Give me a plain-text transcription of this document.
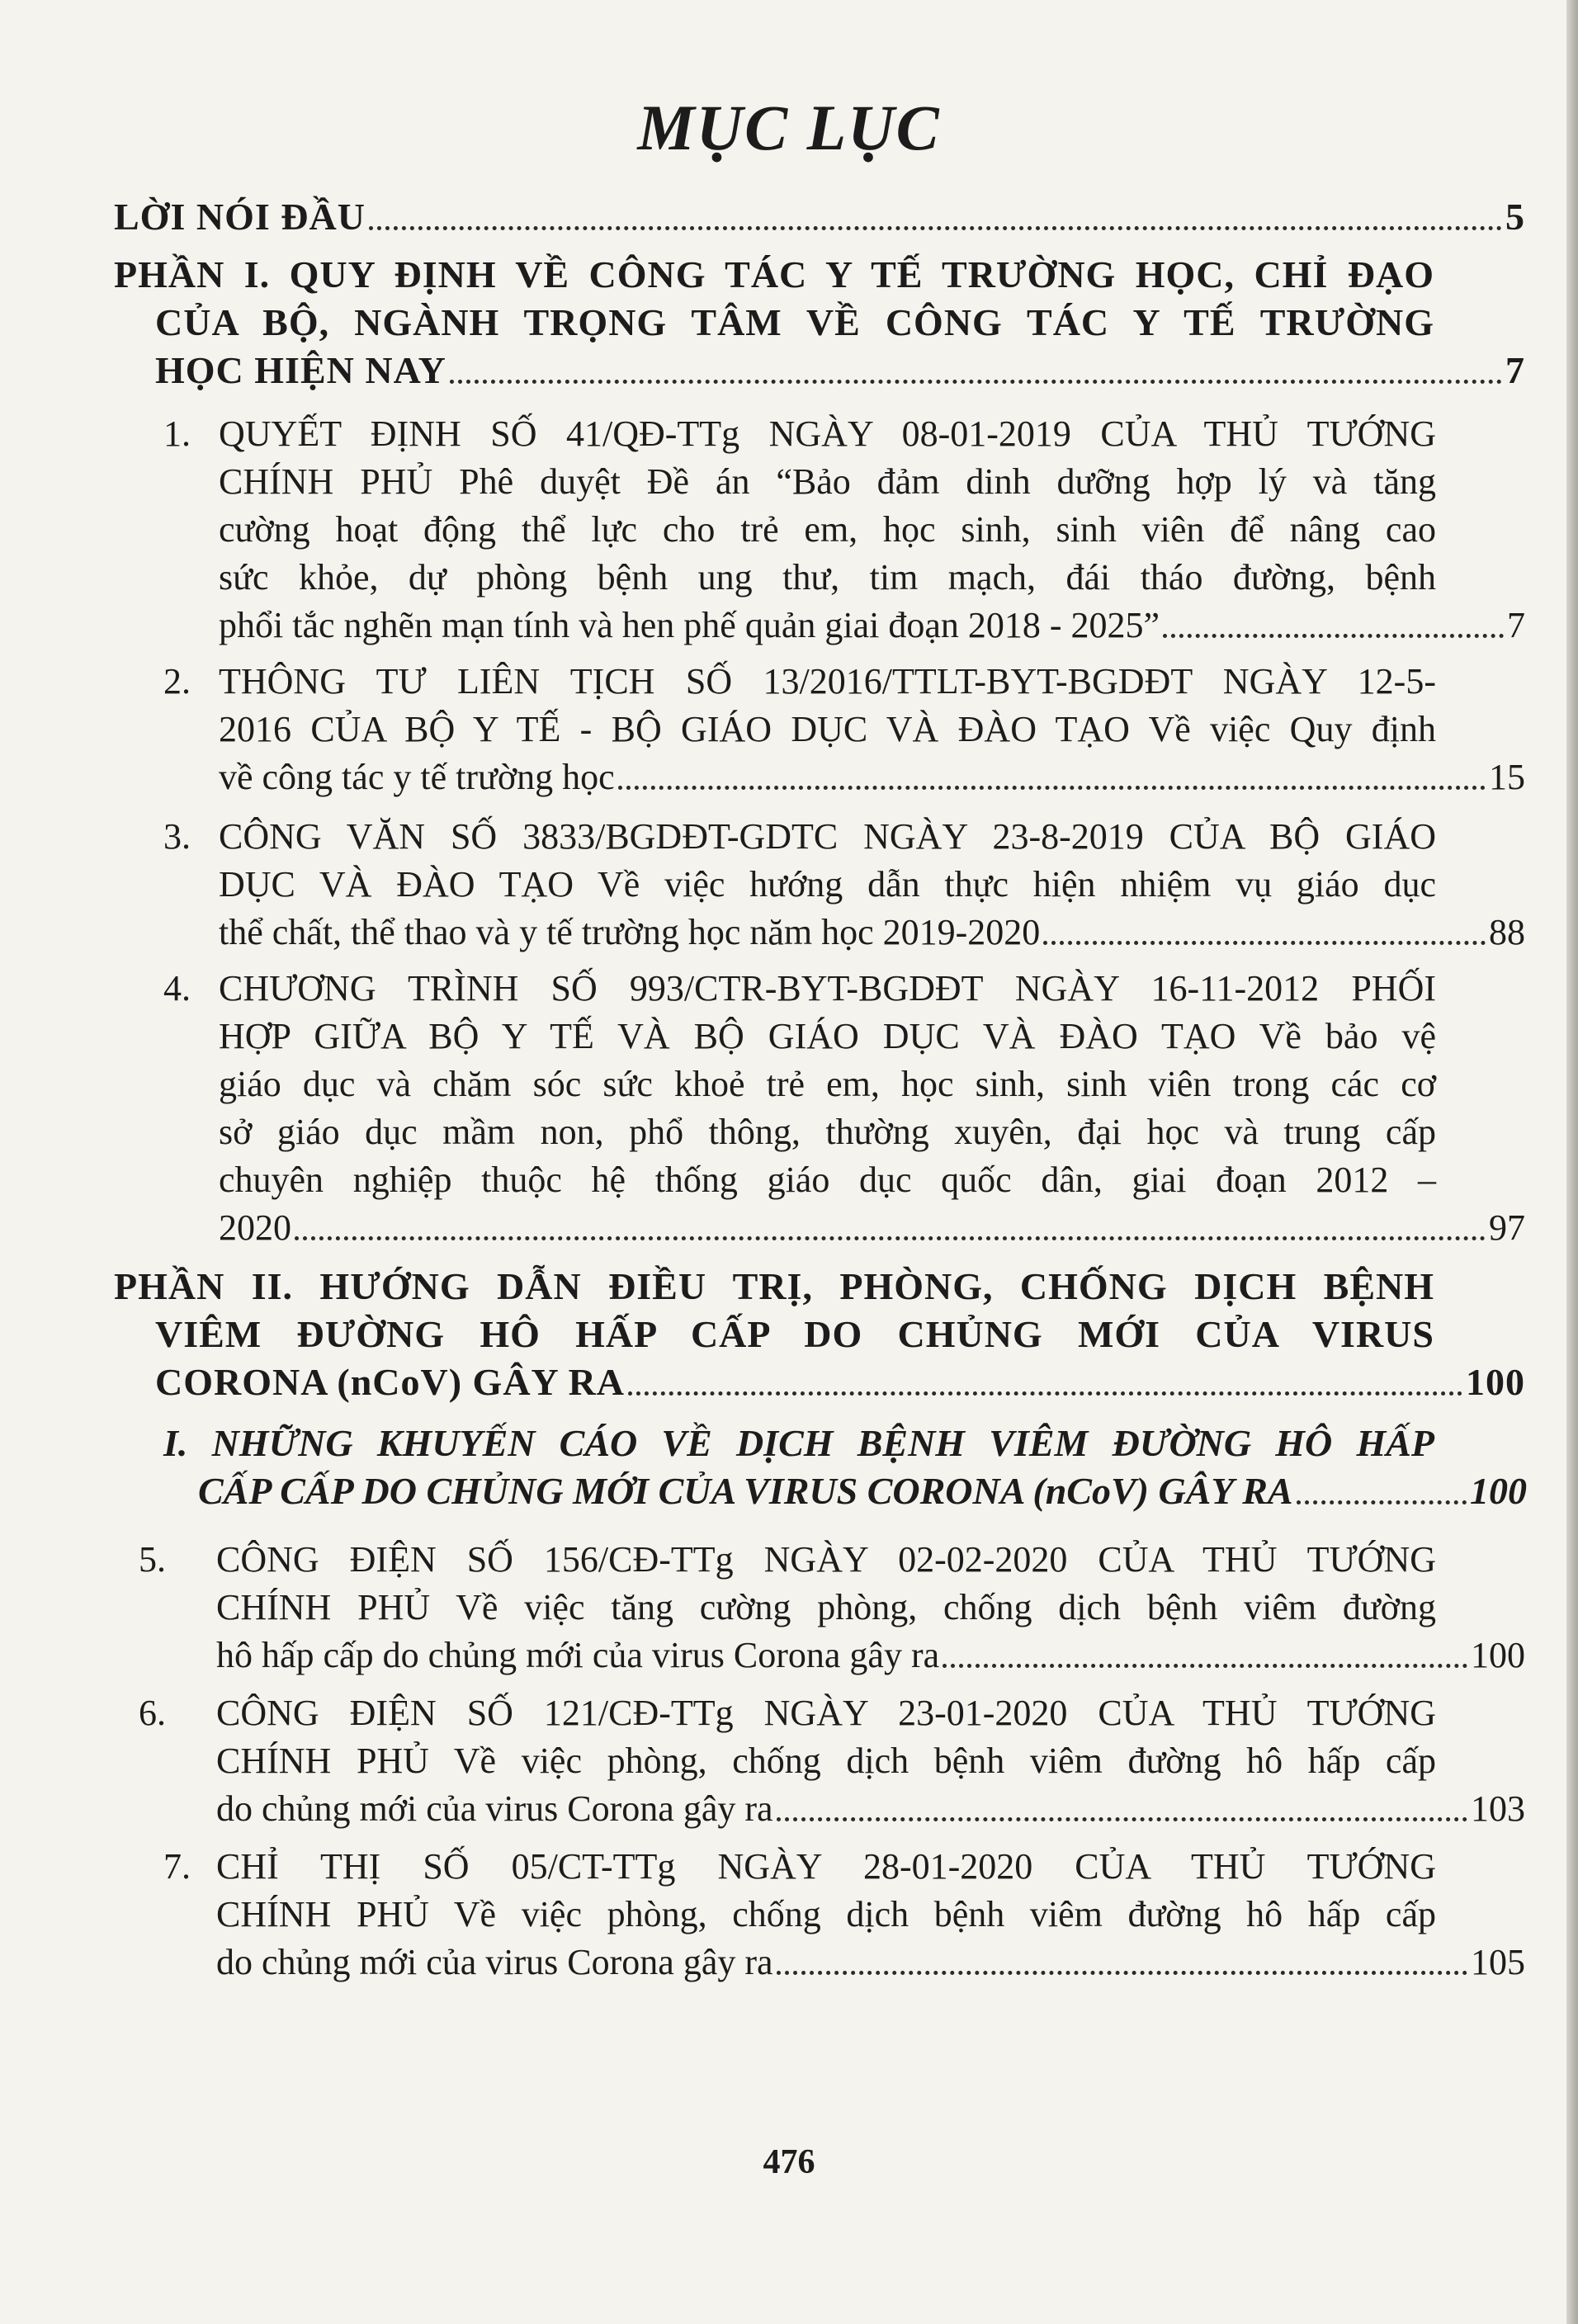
MỤC LỤC
LỜI NÓI ĐẦU	5
PHẦN I. QUY ĐỊNH VỀ CÔNG TÁC Y TẾ TRƯỜNG HỌC, CHỈ ĐẠO
CỦA BỘ, NGÀNH TRỌNG TÂM VỀ CÔNG TÁC Y TẾ TRƯỜNG
HỌC HIỆN NAY	7
1. QUYẾT ĐỊNH SỐ 41/QĐ-TTg NGÀY 08-01-2019 CỦA THỦ TƯỚNG
CHÍNH PHỦ Phê duyệt Đề án “Bảo đảm dinh dưỡng hợp lý và tăng
cường hoạt động thể lực cho trẻ em, học sinh, sinh viên để nâng cao
sức khỏe, dự phòng bệnh ung thư, tim mạch, đái tháo đường, bệnh
phổi tắc nghẽn mạn tính và hen phế quản giai đoạn 2018 - 2025”	7
2. THÔNG TƯ LIÊN TỊCH SỐ 13/2016/TTLT-BYT-BGDĐT NGÀY 12-5-
2016 CỦA BỘ Y TẾ - BỘ GIÁO DỤC VÀ ĐÀO TẠO Về việc Quy định
về công tác y tế trường học	15
3. CÔNG VĂN SỐ 3833/BGDĐT-GDTC NGÀY 23-8-2019 CỦA BỘ GIÁO
DỤC VÀ ĐÀO TẠO Về việc hướng dẫn thực hiện nhiệm vụ giáo dục
thể chất, thể thao và y tế trường học năm học 2019-2020	88
4. CHƯƠNG TRÌNH SỐ 993/CTR-BYT-BGDĐT NGÀY 16-11-2012 PHỐI
HỢP GIỮA BỘ Y TẾ VÀ BỘ GIÁO DỤC VÀ ĐÀO TẠO Về bảo vệ
giáo dục và chăm sóc sức khoẻ trẻ em, học sinh, sinh viên trong các cơ
sở giáo dục mầm non, phổ thông, thường xuyên, đại học và trung cấp
chuyên nghiệp thuộc hệ thống giáo dục quốc dân, giai đoạn 2012 –
2020	97
PHẦN II. HƯỚNG DẪN ĐIỀU TRỊ, PHÒNG, CHỐNG DỊCH BỆNH
VIÊM ĐƯỜNG HÔ HẤP CẤP DO CHỦNG MỚI CỦA VIRUS
CORONA (nCoV) GÂY RA	100
I. NHỮNG KHUYẾN CÁO VỀ DỊCH BỆNH VIÊM ĐƯỜNG HÔ HẤP
CẤP CẤP DO CHỦNG MỚI CỦA VIRUS CORONA (nCoV) GÂY RA	100
5. CÔNG ĐIỆN SỐ 156/CĐ-TTg NGÀY 02-02-2020 CỦA THỦ TƯỚNG
CHÍNH PHỦ Về việc tăng cường phòng, chống dịch bệnh viêm đường
hô hấp cấp do chủng mới của virus Corona gây ra	100
6. CÔNG ĐIỆN SỐ 121/CĐ-TTg NGÀY 23-01-2020 CỦA THỦ TƯỚNG
CHÍNH PHỦ Về việc phòng, chống dịch bệnh viêm đường hô hấp cấp
do chủng mới của virus Corona gây ra	103
7. CHỈ THỊ SỐ 05/CT-TTg NGÀY 28-01-2020 CỦA THỦ TƯỚNG
CHÍNH PHỦ Về việc phòng, chống dịch bệnh viêm đường hô hấp cấp
do chủng mới của virus Corona gây ra	105
476
